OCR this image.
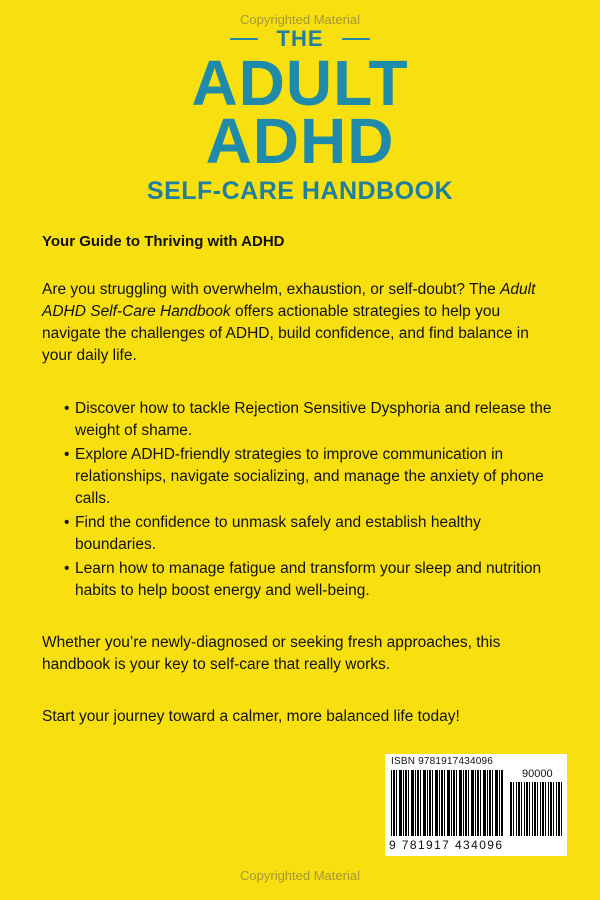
Copyrighted Material
THE
ADULT
ADHD
SELF-CARE HANDBOOK
Your Guide to Thriving with ADHD
Are you struggling with overwhelm, exhaustion, or self-doubt? The Adult ADHD Self-Care Handbook offers actionable strategies to help you navigate the challenges of ADHD, build confidence, and find balance in your daily life.
• Discover how to tackle Rejection Sensitive Dysphoria and release the weight of shame.
• Explore ADHD-friendly strategies to improve communication in relationships, navigate socializing, and manage the anxiety of phone calls.
• Find the confidence to unmask safely and establish healthy boundaries.
• Learn how to manage fatigue and transform your sleep and nutrition habits to help boost energy and well-being.
Whether you’re newly-diagnosed or seeking fresh approaches, this handbook is your key to self-care that really works.
Start your journey toward a calmer, more balanced life today!
ISBN 9781917434096
90000
9 781917 434096
Copyrighted Material
